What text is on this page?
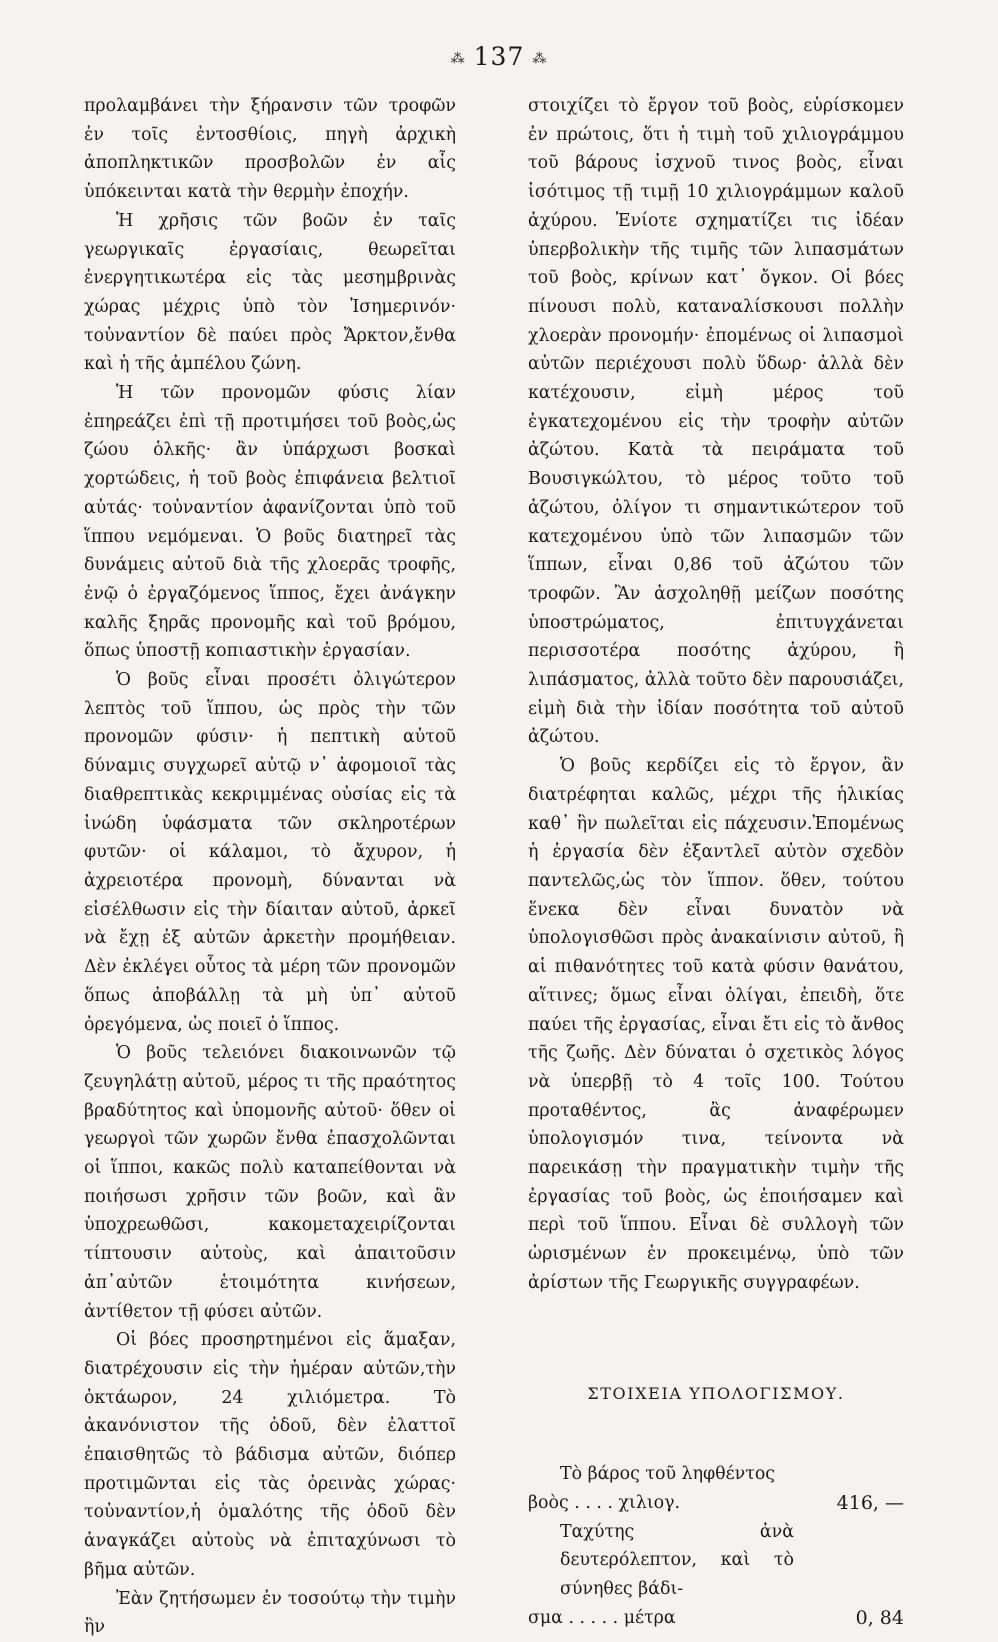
⁂ 137 ⁂

προλαμβάνει τὴν ξήρανσιν τῶν τροφῶν ἐν τοῖς ἐντοσθίοις, πηγὴ ἀρχικὴ ἀποπληκτικῶν προσβολῶν ἐν αἷς ὑπόκεινται κατὰ τὴν θερμὴν ἐποχήν.

Ἡ χρῆσις τῶν βοῶν ἐν ταῖς γεωργικαῖς ἐργασίαις, θεωρεῖται ἐνεργητικωτέρα εἰς τὰς μεσημβρινὰς χώρας μέχρις ὑπὸ τὸν Ἰσημερινόν· τοὐναντίον δὲ παύει πρὸς Ἄρκτον,ἔνθα καὶ ἡ τῆς ἀμπέλου ζώνη.

Ἡ τῶν προνομῶν φύσις λίαν ἐπηρεάζει ἐπὶ τῇ προτιμήσει τοῦ βοὸς,ὡς ζώου ὁλκῆς· ἂν ὑπάρχωσι βοσκαὶ χορτώδεις, ἡ τοῦ βοὸς ἐπιφάνεια βελτιοῖ αὐτάς· τοὐναντίον ἀφανίζονται ὑπὸ τοῦ ἵππου νεμόμεναι. Ὁ βοῦς διατηρεῖ τὰς δυνάμεις αὐτοῦ διὰ τῆς χλοερᾶς τροφῆς, ἐνῷ ὁ ἐργαζόμενος ἵππος, ἔχει ἀνάγκην καλῆς ξηρᾶς προνομῆς καὶ τοῦ βρόμου, ὅπως ὑποστῇ κοπιαστικὴν ἐργασίαν.

Ὁ βοῦς εἶναι προσέτι ὀλιγώτερον λεπτὸς τοῦ ἵππου, ὡς πρὸς τὴν τῶν προνομῶν φύσιν· ἡ πεπτικὴ αὐτοῦ δύναμις συγχωρεῖ αὐτῷ ν᾽ ἀφομοιοῖ τὰς διαθρεπτικὰς κεκριμμένας οὐσίας εἰς τὰ ἰνώδη ὑφάσματα τῶν σκληροτέρων φυτῶν· οἱ κάλαμοι, τὸ ἄχυρον, ἡ ἀχρειοτέρα προνομὴ, δύνανται νὰ εἰσέλθωσιν εἰς τὴν δίαιταν αὐτοῦ, ἀρκεῖ νὰ ἔχῃ ἐξ αὐτῶν ἀρκετὴν προμήθειαν. Δὲν ἐκλέγει οὗτος τὰ μέρη τῶν προνομῶν ὅπως ἀποβάλλῃ τὰ μὴ ὑπ᾽ αὐτοῦ ὀρεγόμενα, ὡς ποιεῖ ὁ ἵππος.

Ὁ βοῦς τελειόνει διακοινωνῶν τῷ ζευγηλάτῃ αὐτοῦ, μέρος τι τῆς πραότητος βραδύτητος καὶ ὑπομονῆς αὐτοῦ· ὅθεν οἱ γεωργοὶ τῶν χωρῶν ἔνθα ἐπασχολῶνται οἱ ἵπποι, κακῶς πολὺ καταπείθονται νὰ ποιήσωσι χρῆσιν τῶν βοῶν, καὶ ἂν ὑποχρεωθῶσι, κακομεταχειρίζονται τίπτουσιν αὐτοὺς, καὶ ἀπαιτοῦσιν ἀπ᾽αὐτῶν ἑτοιμότητα κινήσεων, ἀντίθετον τῇ φύσει αὐτῶν.

Οἱ βόες προσηρτημένοι εἰς ἅμαξαν, διατρέχουσιν εἰς τὴν ἡμέραν αὐτῶν,τὴν ὀκτάωρον, 24 χιλιόμετρα. Τὸ ἀκανόνιστον τῆς ὁδοῦ, δὲν ἐλαττοῖ ἐπαισθητῶς τὸ βάδισμα αὐτῶν, διόπερ προτιμῶνται εἰς τὰς ὀρεινὰς χώρας· τοὐναντίον,ἡ ὁμαλότης τῆς ὁδοῦ δὲν ἀναγκάζει αὐτοὺς νὰ ἐπιταχύνωσι τὸ βῆμα αὐτῶν.

Ἐὰν ζητήσωμεν ἐν τοσούτῳ τὴν τιμὴν ἣν

στοιχίζει τὸ ἔργον τοῦ βοὸς, εὑρίσκομεν ἐν πρώτοις, ὅτι ἡ τιμὴ τοῦ χιλιογράμμου τοῦ βάρους ἰσχνοῦ τινος βοὸς, εἶναι ἰσότιμος τῇ τιμῇ 10 χιλιογράμμων καλοῦ ἀχύρου. Ἐνίοτε σχηματίζει τις ἰδέαν ὑπερβολικὴν τῆς τιμῆς τῶν λιπασμάτων τοῦ βοὸς, κρίνων κατ᾽ ὄγκον. Οἱ βόες πίνουσι πολὺ, καταναλίσκουσι πολλὴν χλοερὰν προνομήν· ἐπομένως οἱ λιπασμοὶ αὐτῶν περιέχουσι πολὺ ὕδωρ· ἀλλὰ δὲν κατέχουσιν, εἰμὴ μέρος τοῦ ἐγκατεχομένου εἰς τὴν τροφὴν αὐτῶν ἀζώτου. Κατὰ τὰ πειράματα τοῦ Βουσιγκώλτου, τὸ μέρος τοῦτο τοῦ ἀζώτου, ὀλίγον τι σημαντικώτερον τοῦ κατεχομένου ὑπὸ τῶν λιπασμῶν τῶν ἵππων, εἶναι 0,86 τοῦ ἀζώτου τῶν τροφῶν. Ἂν ἀσχοληθῇ μείζων ποσότης ὑποστρώματος, ἐπιτυγχάνεται περισσοτέρα ποσότης ἀχύρου, ἢ λιπάσματος, ἀλλὰ τοῦτο δὲν παρουσιάζει, εἰμὴ διὰ τὴν ἰδίαν ποσότητα τοῦ αὐτοῦ ἀζώτου.

Ὁ βοῦς κερδίζει εἰς τὸ ἔργον, ἂν διατρέφηται καλῶς, μέχρι τῆς ἡλικίας καθ᾽ ἣν πωλεῖται εἰς πάχευσιν.Ἐπομένως ἡ ἐργασία δὲν ἐξαντλεῖ αὐτὸν σχεδὸν παντελῶς,ὡς τὸν ἵππον. ὅθεν, τούτου ἕνεκα δὲν εἶναι δυνατὸν νὰ ὑπολογισθῶσι πρὸς ἀνακαίνισιν αὐτοῦ, ἢ αἱ πιθανότητες τοῦ κατὰ φύσιν θανάτου, αἵτινες; ὅμως εἶναι ὀλίγαι, ἐπειδὴ, ὅτε παύει τῆς ἐργασίας, εἶναι ἔτι εἰς τὸ ἄνθος τῆς ζωῆς. Δὲν δύναται ὁ σχετικὸς λόγος νὰ ὑπερβῇ τὸ 4 τοῖς 100. Τούτου προταθέντος, ἂς ἀναφέρωμεν ὑπολογισμόν τινα, τείνοντα νὰ παρεικάσῃ τὴν πραγματικὴν τιμὴν τῆς ἐργασίας τοῦ βοὸς, ὡς ἐποιήσαμεν καὶ περὶ τοῦ ἵππου. Εἶναι δὲ συλλογὴ τῶν ὡρισμένων ἐν προκειμένῳ, ὑπὸ τῶν ἀρίστων τῆς Γεωργικῆς συγγραφέων.

ΣΤΟΙΧΕΙΑ ΥΠΟΛΟΓΙΣΜΟΥ.

Τὸ βάρος τοῦ ληφθέντος
βοὸς . . . . χιλιογ.	416, —
Ταχύτης ἀνὰ δευτερόλεπτον, καὶ τὸ σύνηθες βάδι-
σμα . . . . . μέτρα	0, 84
